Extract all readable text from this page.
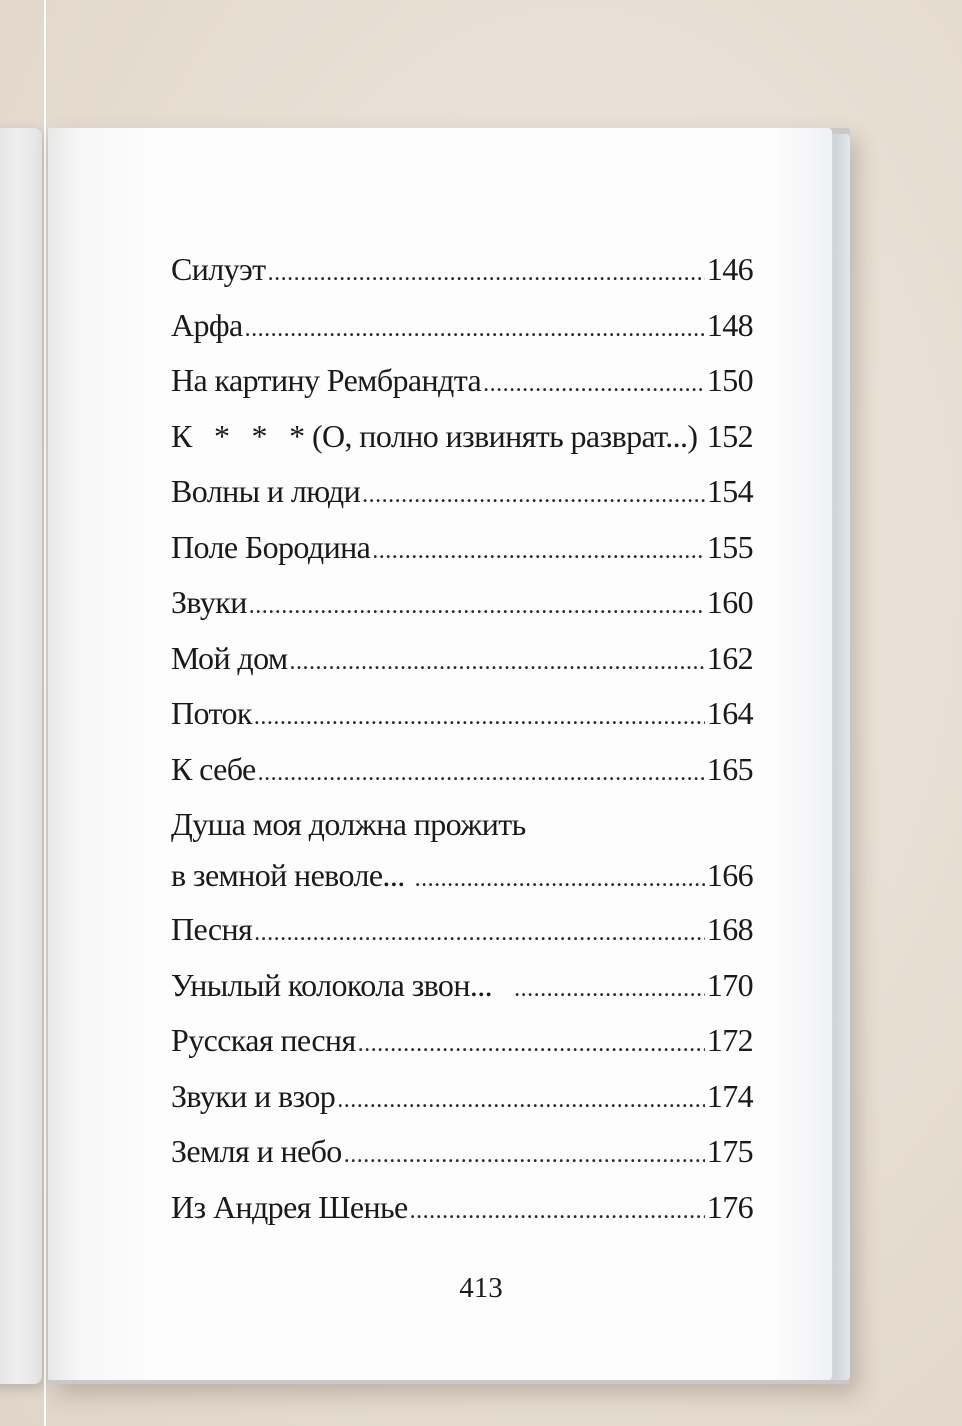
Силуэт .....	146
Арфа .....	148
На картину Рембрандта .....	150
К   *   *   * (О, полно извинять разврат...) 152
Волны и люди .....	154
Поле Бородина .....	155
Звуки .....	160
Мой дом .....	162
Поток .....	164
К себе .....	165
Душа моя должна прожить
в земной неволе... .....	166
Песня .....	168
Унылый колокола звон... .....	170
Русская песня .....	172
Звуки и взор .....	174
Земля и небо .....	175
Из Андрея Шенье .....	176
413
